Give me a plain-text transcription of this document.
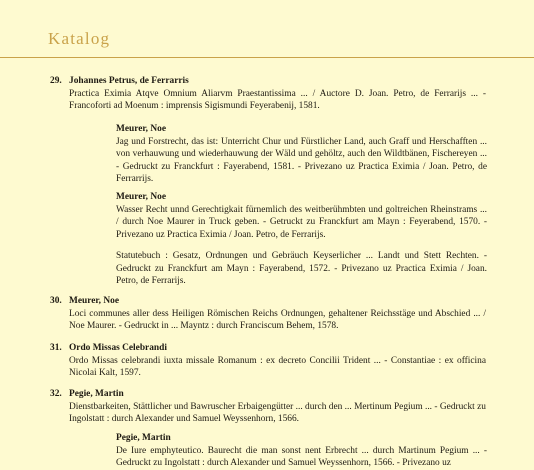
Katalog
29. Johannes Petrus, de Ferrarris
Practica Eximia Atqve Omnium Aliarvm Praestantissima ... / Auctore D. Joan. Petro, de Ferrarijs ... - Francoforti ad Moenum : imprensis Sigismundi Feyerabenij, 1581.
Meurer, Noe
Jag und Forstrecht, das ist: Unterricht Chur und Fürstlicher Land, auch Graff und Herschafften ... von verhauwung und wiederhauwung der Wäld und gehöltz, auch den Wildtbänen, Fischereyen ... - Gedruckt zu Franckfurt : Fayerabend, 1581. - Privezano uz Practica Eximia / Joan. Petro, de Ferrarrijs.
Meurer, Noe
Wasser Recht unnd Gerechtigkait fürnemlich des weitberühmbten und goltreichen Rheinstrams ... / durch Noe Maurer in Truck geben. - Getruckt zu Franckfurt am Mayn : Feyerabend, 1570. - Privezano uz Practica Eximia / Joan. Petro, de Ferrarijs.
Statutebuch : Gesatz, Ordnungen und Gebräuch Keyserlicher ... Landt und Stett Rechten. - Gedruckt zu Franckfurt am Mayn : Fayerabend, 1572. - Privezano uz Practica Eximia / Joan. Petro, de Ferrarijs.
30. Meurer, Noe
Loci communes aller dess Heiligen Römischen Reichs Ordnungen, gehaltener Reichsstäge und Abschied ... / Noe Maurer. - Gedruckt in ... Mayntz : durch Franciscum Behem, 1578.
31. Ordo Missas Celebrandi
Ordo Missas celebrandi iuxta missale Romanum : ex decreto Concilii Trident ... - Constantiae : ex officina Nicolai Kalt, 1597.
32. Pegie, Martin
Dienstbarkeiten, Stättlicher und Bawruscher Erbaigengütter ... durch den ... Mertinum Pegium ... - Gedruckt zu Ingolstatt : durch Alexander und Samuel Weyssenhorn, 1566.
Pegie, Martin
De Iure emphyteutico. Baurecht die man sonst nent Erbrecht ... durch Martinum Pegium ... - Gedruckt zu Ingolstatt : durch Alexander und Samuel Weyssenhorn, 1566. - Privezano uz
